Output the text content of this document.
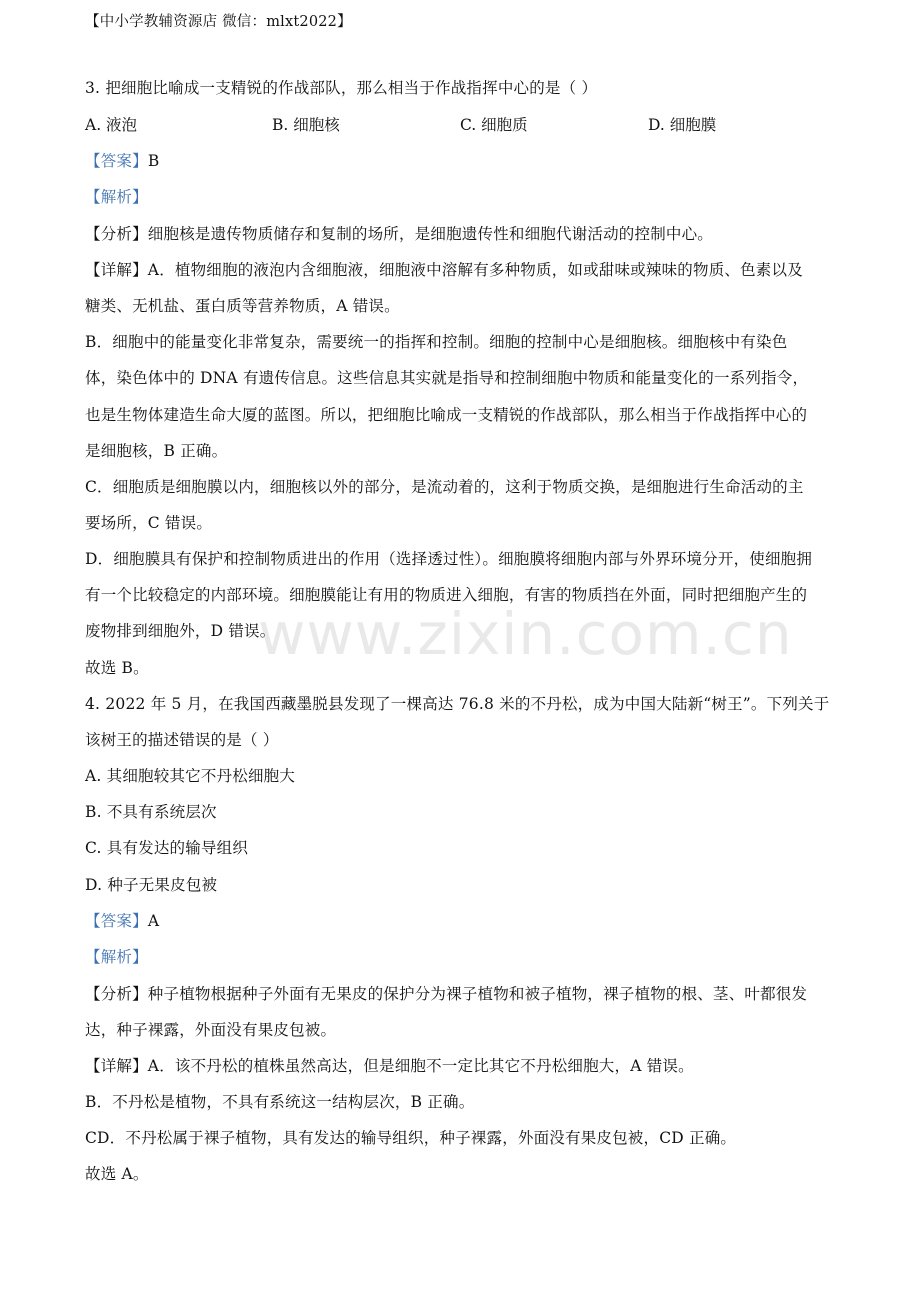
【中小学教辅资源店 微信：mlxt2022】
3. 把细胞比喻成一支精锐的作战部队，那么相当于作战指挥中心的是（ ）
A. 液泡	B. 细胞核	C. 细胞质	D. 细胞膜
【答案】B
【解析】
【分析】细胞核是遗传物质储存和复制的场所，是细胞遗传性和细胞代谢活动的控制中心。
【详解】A．植物细胞的液泡内含细胞液，细胞液中溶解有多种物质，如或甜味或辣味的物质、色素以及
糖类、无机盐、蛋白质等营养物质，A 错误。
B．细胞中的能量变化非常复杂，需要统一的指挥和控制。细胞的控制中心是细胞核。细胞核中有染色
体，染色体中的 DNA 有遗传信息。这些信息其实就是指导和控制细胞中物质和能量变化的一系列指令，
也是生物体建造生命大厦的蓝图。所以，把细胞比喻成一支精锐的作战部队，那么相当于作战指挥中心的
是细胞核，B 正确。
C．细胞质是细胞膜以内，细胞核以外的部分，是流动着的，这利于物质交换，是细胞进行生命活动的主
要场所，C 错误。
D．细胞膜具有保护和控制物质进出的作用（选择透过性）。细胞膜将细胞内部与外界环境分开，使细胞拥
有一个比较稳定的内部环境。细胞膜能让有用的物质进入细胞，有害的物质挡在外面，同时把细胞产生的
废物排到细胞外，D 错误。
故选 B。
4. 2022 年 5 月，在我国西藏墨脱县发现了一棵高达 76.8 米的不丹松，成为中国大陆新“树王”。下列关于
该树王的描述错误的是（ ）
A. 其细胞较其它不丹松细胞大
B. 不具有系统层次
C. 具有发达的输导组织
D. 种子无果皮包被
【答案】A
【解析】
【分析】种子植物根据种子外面有无果皮的保护分为裸子植物和被子植物，裸子植物的根、茎、叶都很发
达，种子裸露，外面没有果皮包被。
【详解】A．该不丹松的植株虽然高达，但是细胞不一定比其它不丹松细胞大，A 错误。
B．不丹松是植物，不具有系统这一结构层次，B 正确。
CD．不丹松属于裸子植物，具有发达的输导组织，种子裸露，外面没有果皮包被，CD 正确。
故选 A。
www.zixin.com.cn
